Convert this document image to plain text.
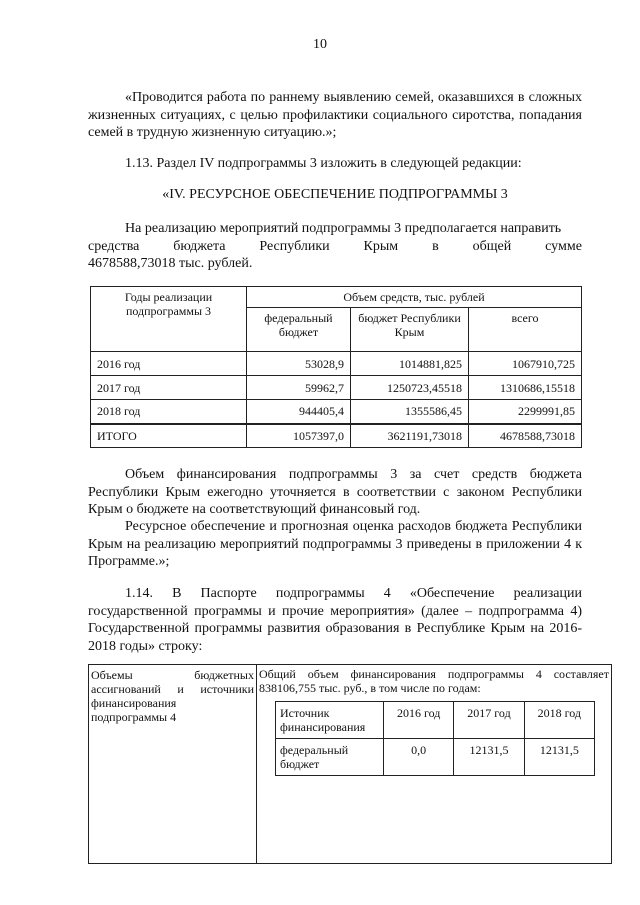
10

«Проводится работа по раннему выявлению семей, оказавшихся в сложных жизненных ситуациях, с целью профилактики социального сиротства, попадания семей в трудную жизненную ситуацию.»;

1.13. Раздел IV подпрограммы 3 изложить в следующей редакции:
«IV. РЕСУРСНОЕ ОБЕСПЕЧЕНИЕ ПОДПРОГРАММЫ 3
На реализацию мероприятий подпрограммы 3 предполагается направить
средства бюджета Республики Крым в общей сумме
4678588,73018 тыс. рублей.
Годы реализации подпрограммы 3	Объем средств, тыс. рублей		
	федеральный бюджет	бюджет Республики Крым	всего
2016 год	53028,9	1014881,825	1067910,725
2017 год	59962,7	1250723,45518	1310686,15518
2018 год	944405,4	1355586,45	2299991,85
ИТОГО	1057397,0	3621191,73018	4678588,73018

Объем финансирования подпрограммы 3 за счет средств бюджета Республики Крым ежегодно уточняется в соответствии с законом Республики Крым о бюджете на соответствующий финансовый год.

Ресурсное обеспечение и прогнозная оценка расходов бюджета Республики Крым на реализацию мероприятий подпрограммы 3 приведены в приложении 4 к Программе.»;

1.14. В Паспорте подпрограммы 4 «Обеспечение реализации государственной программы и прочие мероприятия» (далее – подпрограмма 4) Государственной программы развития образования в Республике Крым на 2016-2018 годы» строку:

Объемы бюджетных ассигнований и источники финансирования подпрограммы 4	
Общий объем финансирования подпрограммы 4 составляет 838106,755 тыс. руб., в том числе по годам:
Источник финансирования	2016 год	2017 год	2018 год
федеральный бюджет	0,0	12131,5	12131,5
